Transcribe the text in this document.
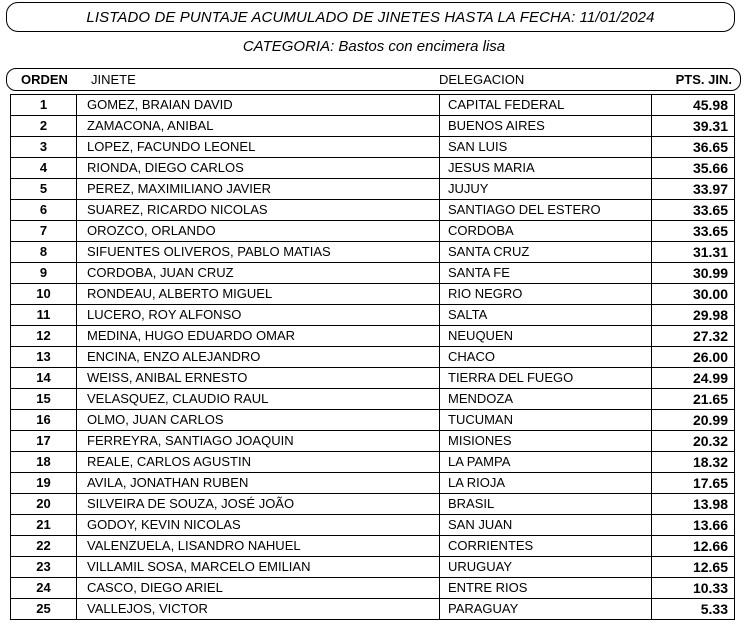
LISTADO DE PUNTAJE ACUMULADO DE JINETES HASTA LA FECHA: 11/01/2024
CATEGORIA: Bastos con encimera lisa
ORDEN JINETE	DELEGACION	PTS. JIN.
1	GOMEZ, BRAIAN DAVID	CAPITAL FEDERAL	45.98
2	ZAMACONA, ANIBAL	BUENOS AIRES	39.31
3	LOPEZ, FACUNDO LEONEL	SAN LUIS	36.65
4	RIONDA, DIEGO CARLOS	JESUS MARIA	35.66
5	PEREZ, MAXIMILIANO JAVIER	JUJUY	33.97
6	SUAREZ, RICARDO NICOLAS	SANTIAGO DEL ESTERO	33.65
7	OROZCO, ORLANDO	CORDOBA	33.65
8	SIFUENTES OLIVEROS, PABLO MATIAS	SANTA CRUZ	31.31
9	CORDOBA, JUAN CRUZ	SANTA FE	30.99
10	RONDEAU, ALBERTO MIGUEL	RIO NEGRO	30.00
11	LUCERO, ROY ALFONSO	SALTA	29.98
12	MEDINA, HUGO EDUARDO OMAR	NEUQUEN	27.32
13	ENCINA, ENZO ALEJANDRO	CHACO	26.00
14	WEISS, ANIBAL ERNESTO	TIERRA DEL FUEGO	24.99
15	VELASQUEZ, CLAUDIO RAUL	MENDOZA	21.65
16	OLMO, JUAN CARLOS	TUCUMAN	20.99
17	FERREYRA, SANTIAGO JOAQUIN	MISIONES	20.32
18	REALE, CARLOS AGUSTIN	LA PAMPA	18.32
19	AVILA, JONATHAN RUBEN	LA RIOJA	17.65
20	SILVEIRA DE SOUZA, JOSÉ JOÃO	BRASIL	13.98
21	GODOY, KEVIN NICOLAS	SAN JUAN	13.66
22	VALENZUELA, LISANDRO NAHUEL	CORRIENTES	12.66
23	VILLAMIL SOSA, MARCELO EMILIAN	URUGUAY	12.65
24	CASCO, DIEGO ARIEL	ENTRE RIOS	10.33
25	VALLEJOS, VICTOR	PARAGUAY	5.33
